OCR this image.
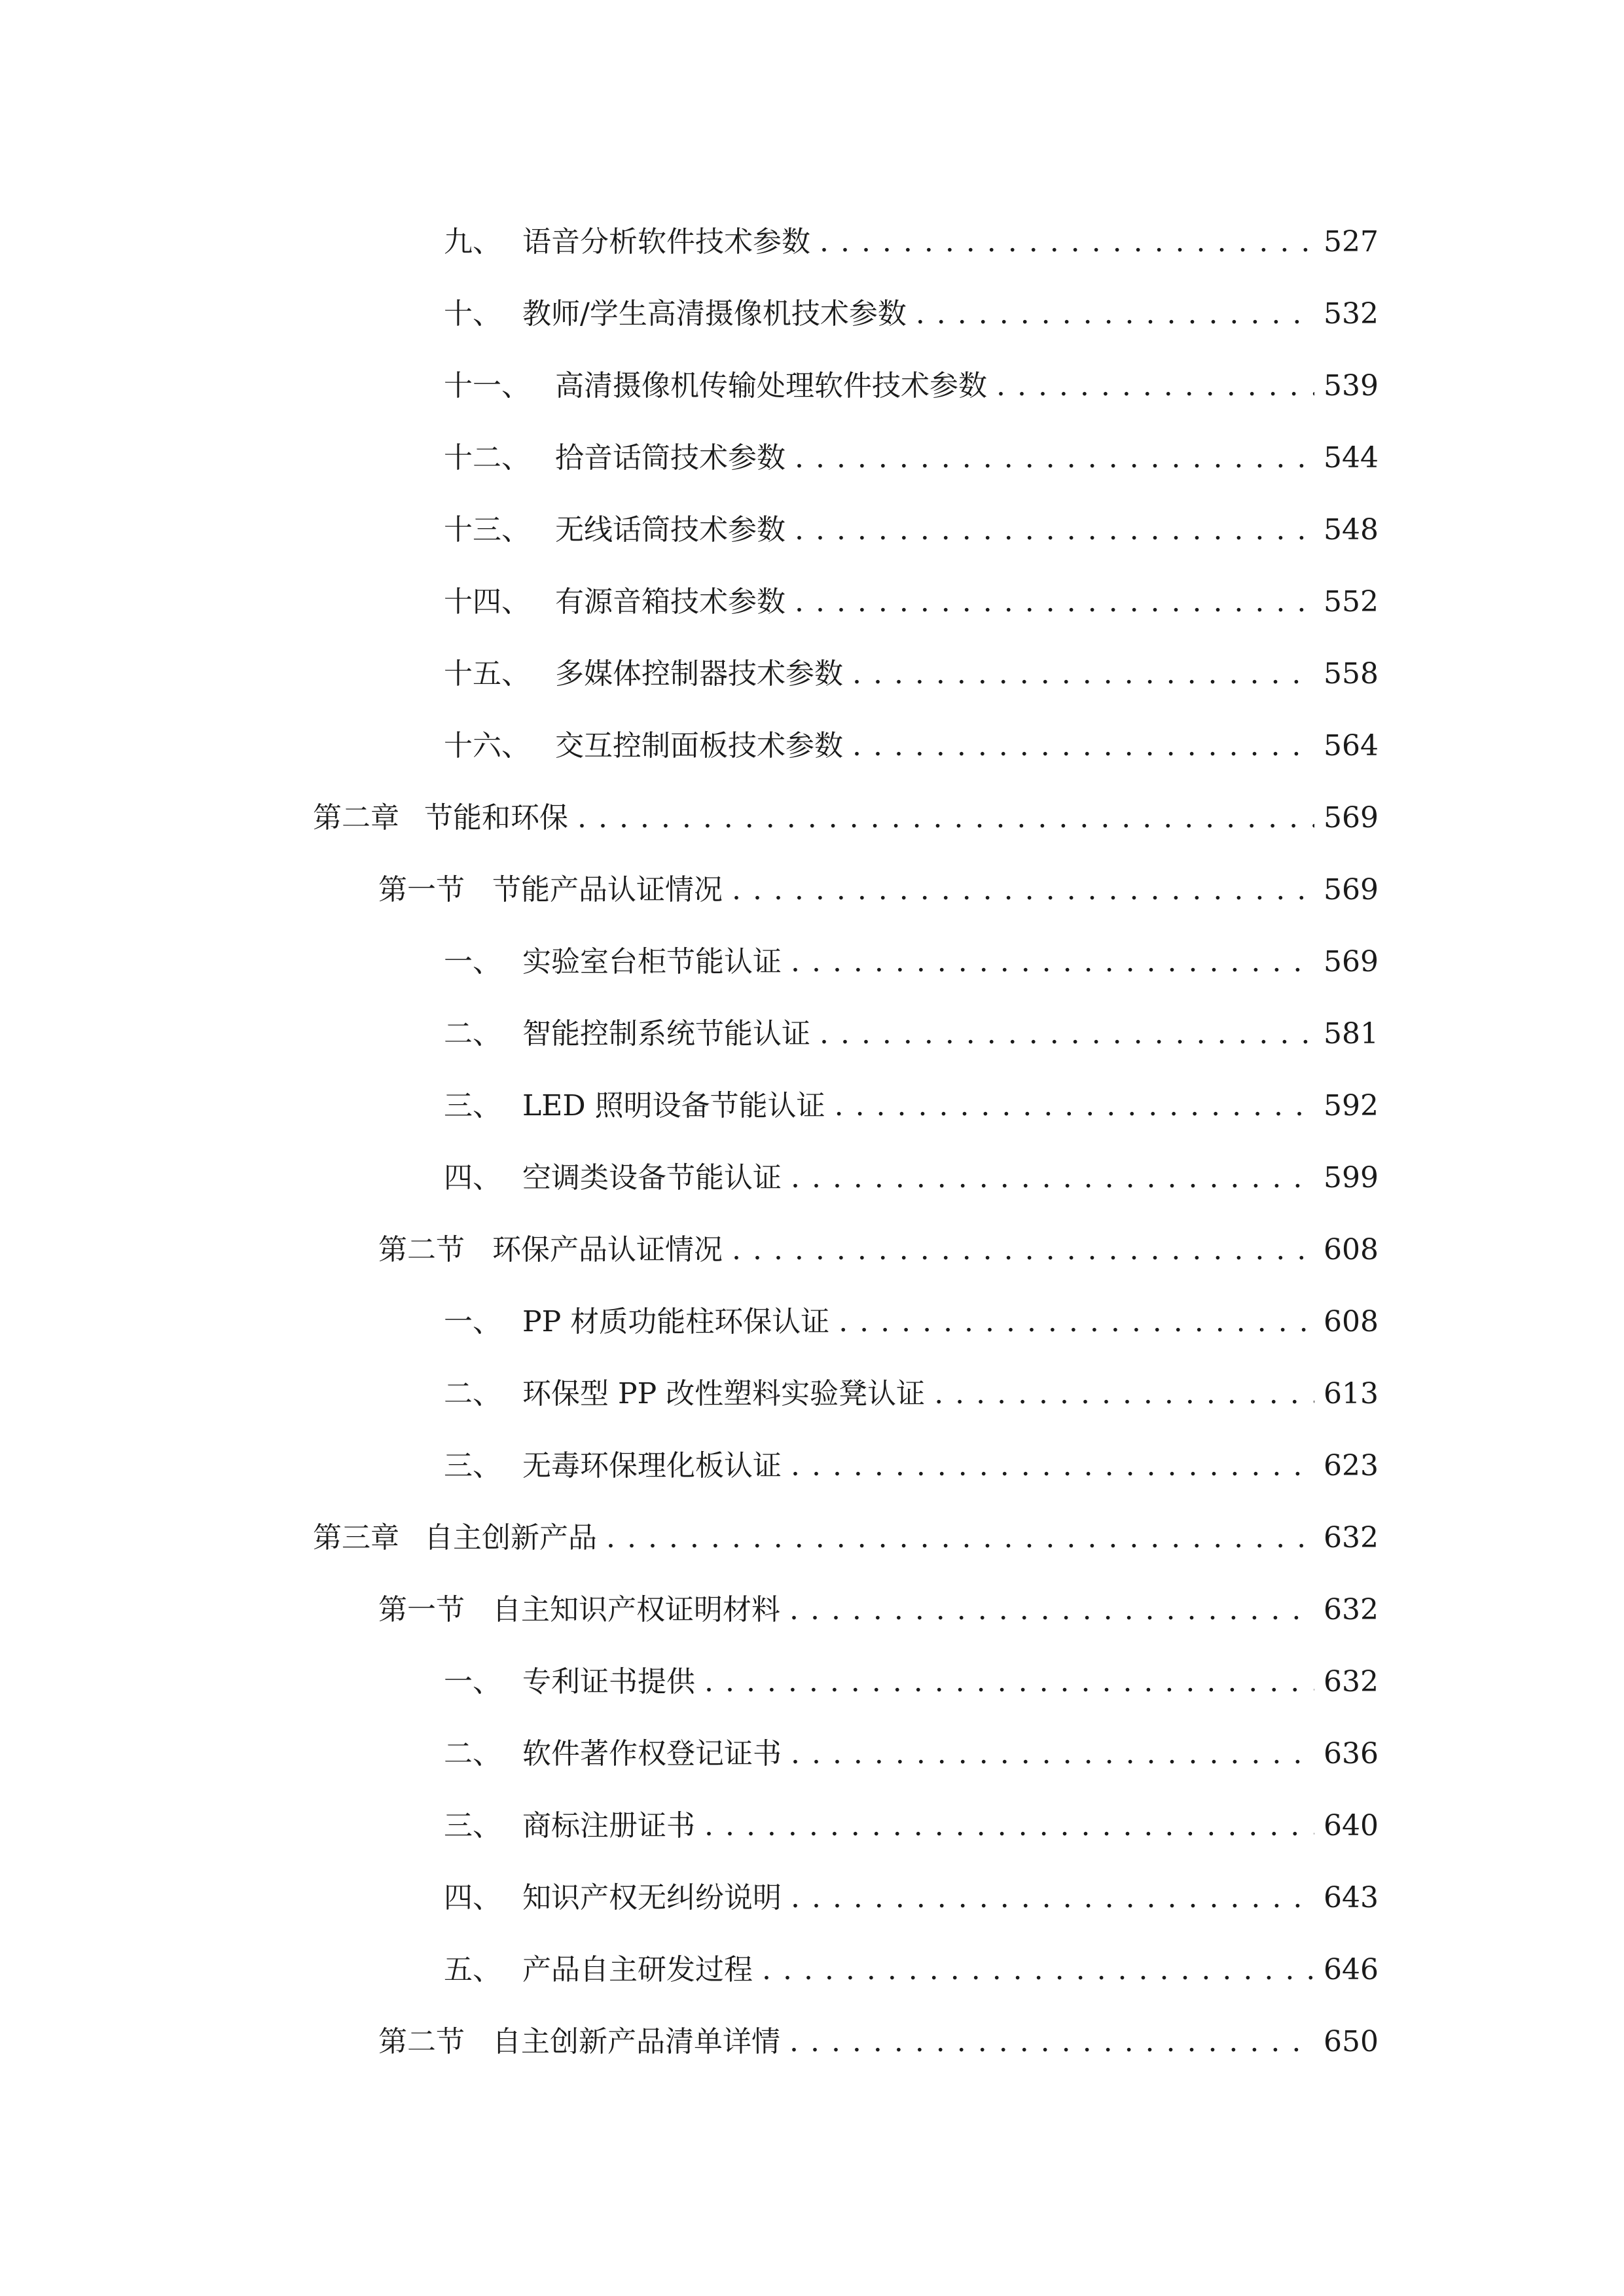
九、 语音分析软件技术参数 . . .	527
十、 教师/学生高清摄像机技术参数 . . .	532
十一、 高清摄像机传输处理软件技术参数 . . .	539
十二、 拾音话筒技术参数 . . .	544
十三、 无线话筒技术参数 . . .	548
十四、 有源音箱技术参数 . . .	552
十五、 多媒体控制器技术参数 . . .	558
十六、 交互控制面板技术参数 . . .	564
第二章 节能和环保 . . .	569
第一节 节能产品认证情况 . . .	569
一、 实验室台柜节能认证 . . .	569
二、 智能控制系统节能认证 . . .	581
三、 LED 照明设备节能认证 . . .	592
四、 空调类设备节能认证 . . .	599
第二节 环保产品认证情况 . . .	608
一、 PP 材质功能柱环保认证 . . .	608
二、 环保型 PP 改性塑料实验凳认证 . . .	613
三、 无毒环保理化板认证 . . .	623
第三章 自主创新产品 . . .	632
第一节 自主知识产权证明材料 . . .	632
一、 专利证书提供 . . .	632
二、 软件著作权登记证书 . . .	636
三、 商标注册证书 . . .	640
四、 知识产权无纠纷说明 . . .	643
五、 产品自主研发过程 . . .	646
第二节 自主创新产品清单详情 . . .	650
